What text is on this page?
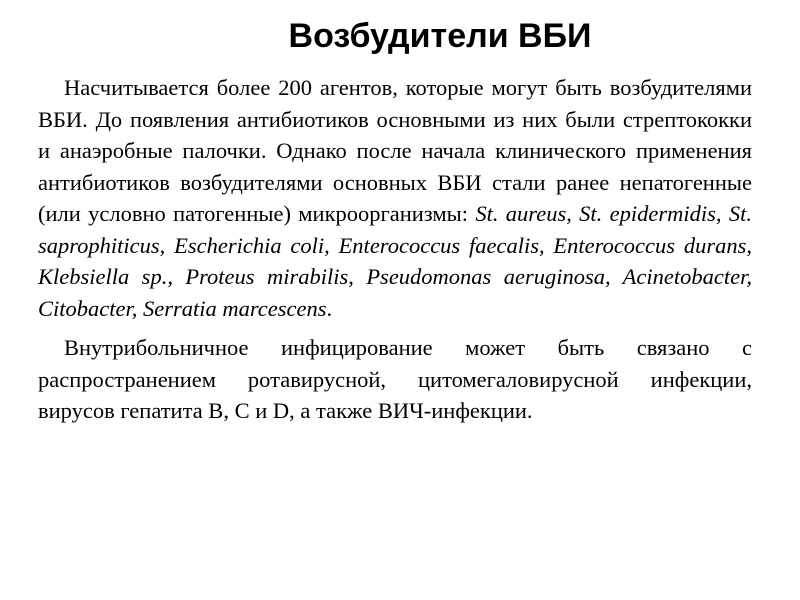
Возбудители ВБИ

Насчитывается более 200 агентов, которые могут быть возбудителями ВБИ. До появления антибиотиков основными из них были стрептококки и анаэробные палочки. Однако после начала клинического применения антибиотиков возбудителями основных ВБИ стали ранее непатогенные (или условно патогенные) микроорганизмы: St. aureus, St. epidermidis, St. saprophiticus, Escherichia coli, Enterococcus faecalis, Enterococcus durans, Klebsiella sp., Proteus mirabilis, Pseudomonas aeruginosa, Acinetobacter, Citobacter, Serratia marcescens.

Внутрибольничное инфицирование может быть связано с распространением ротавирусной, цитомегаловирусной инфекции, вирусов гепатита В, С и D, а также ВИЧ-инфекции.
